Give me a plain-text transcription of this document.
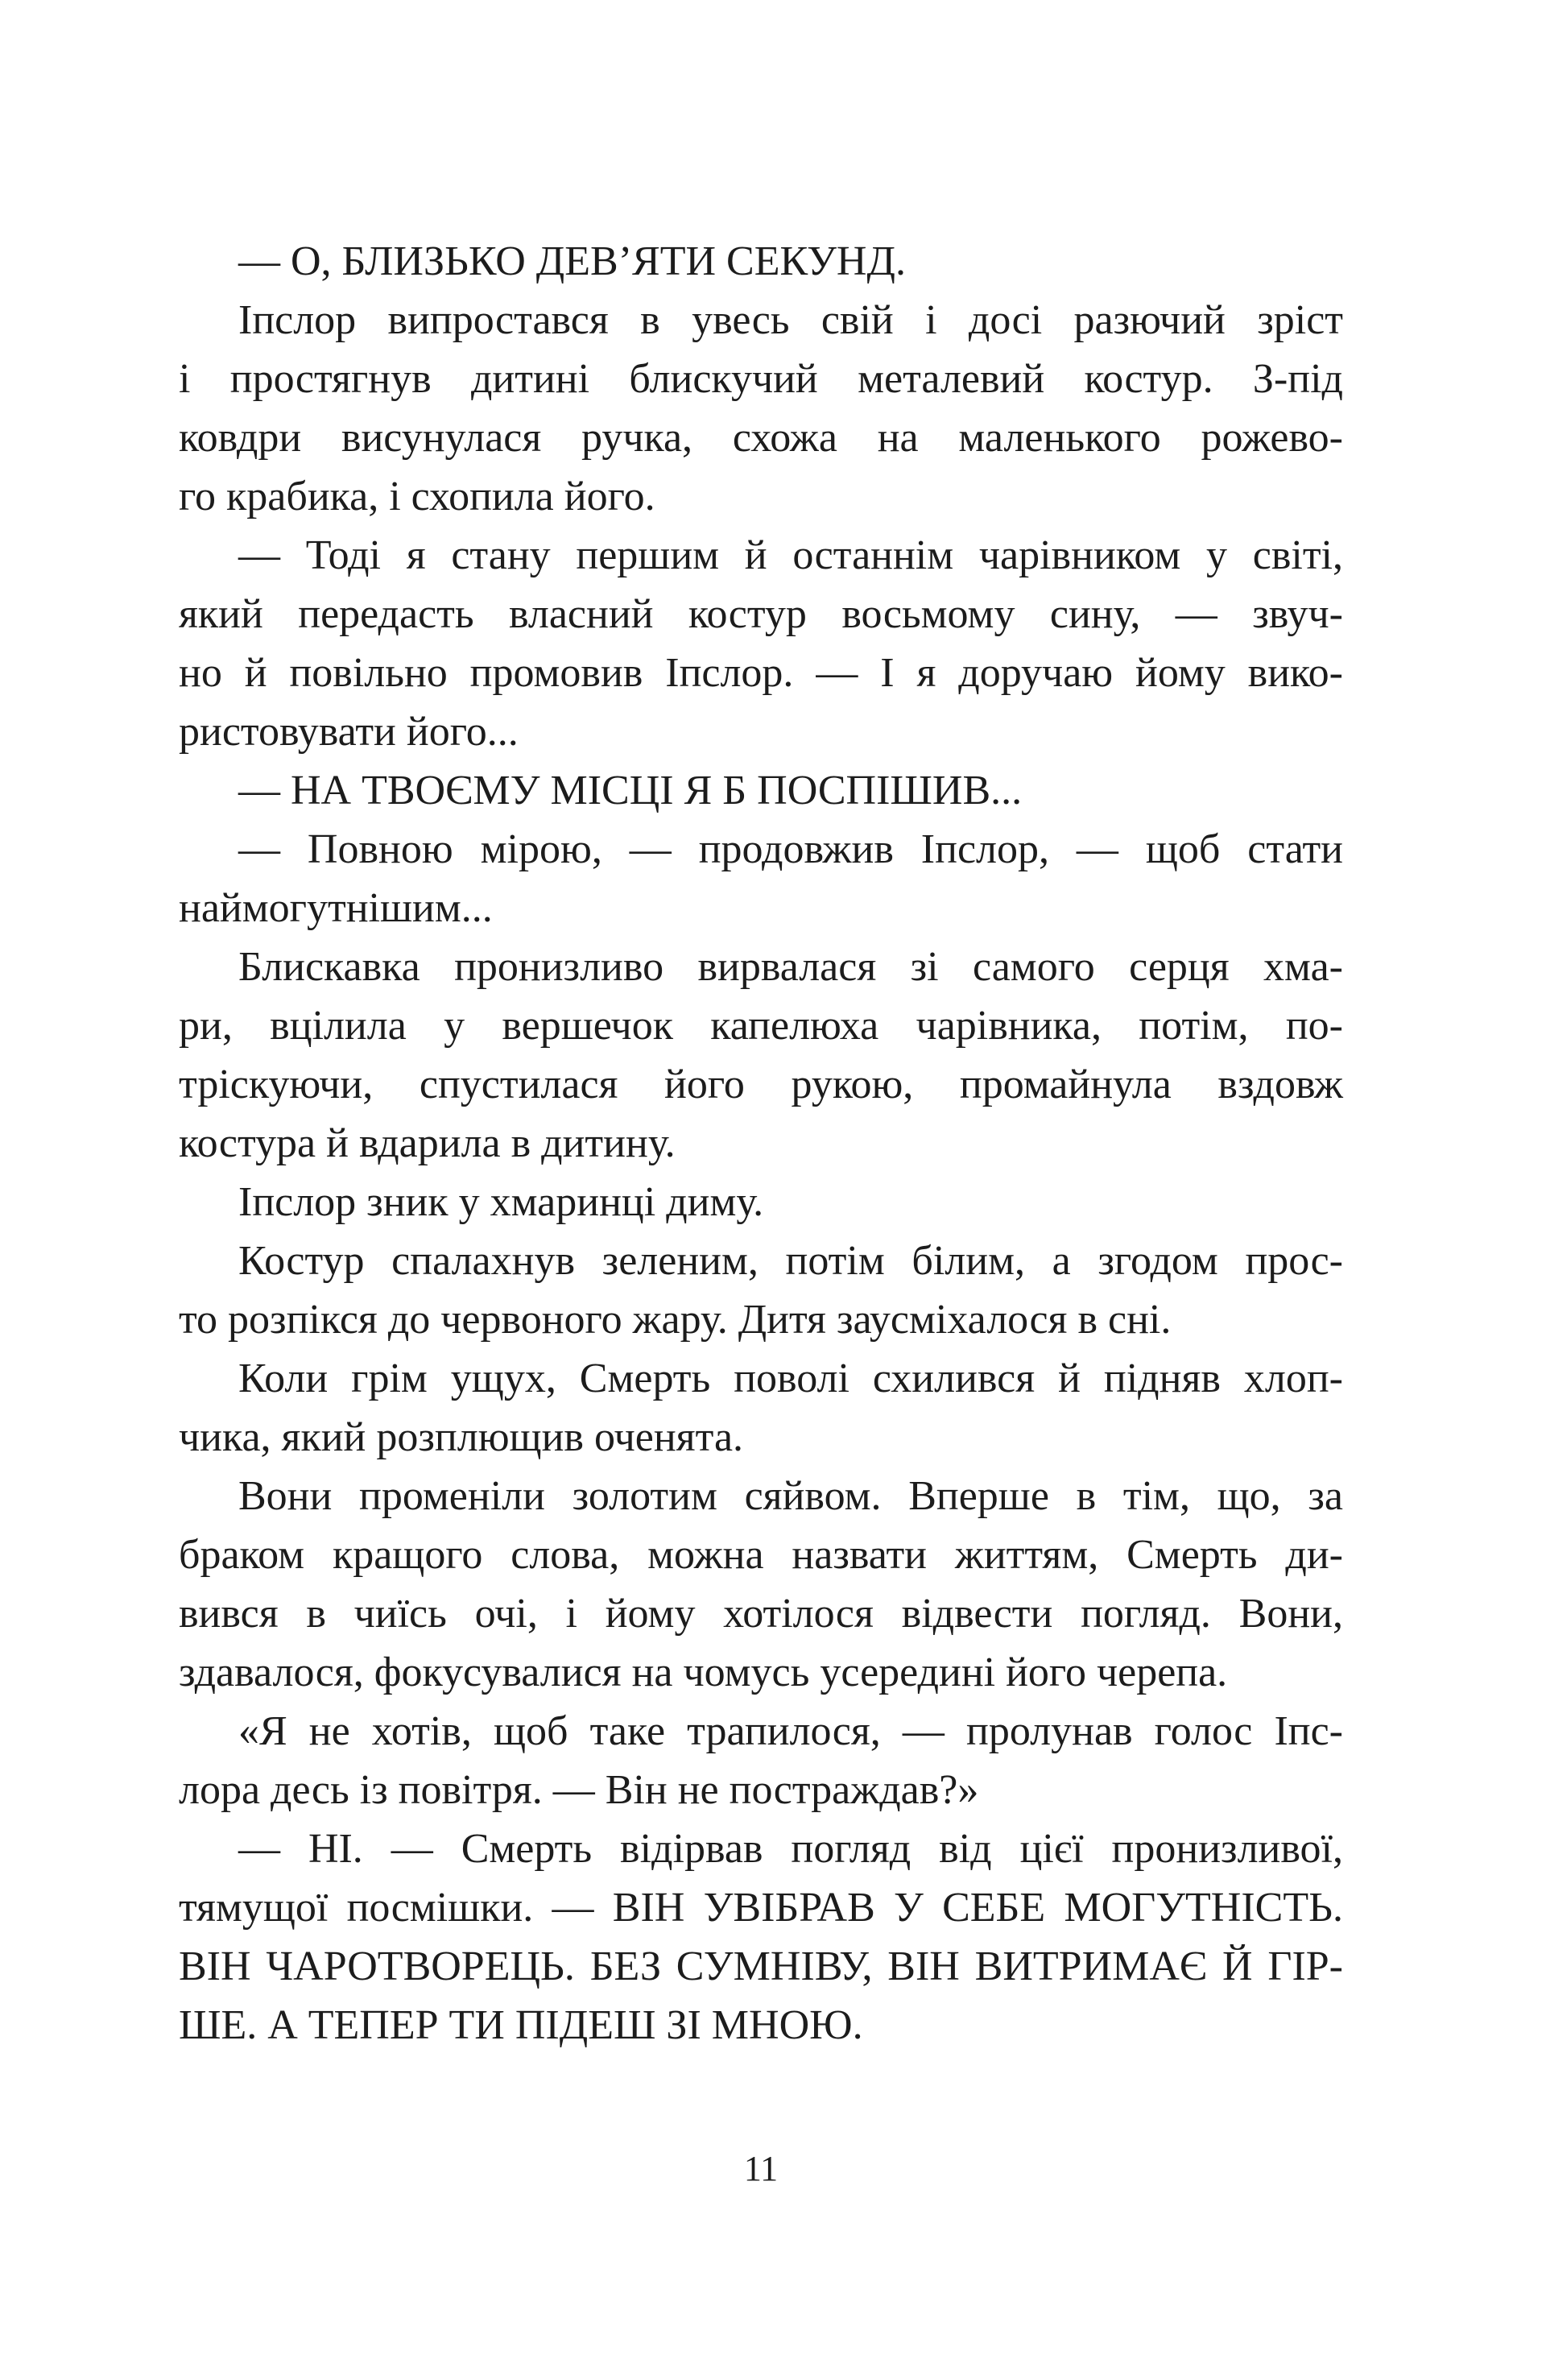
— О, БЛИЗЬКО ДЕВ’ЯТИ СЕКУНД.
Іпслор випростався в увесь свій і досі разючий зріст
і простягнув дитині блискучий металевий костур. З-під
ковдри висунулася ручка, схожа на маленького рожево-
го крабика, і схопила його.
— Тоді я стану першим й останнім чарівником у світі,
який передасть власний костур восьмому сину, — звуч-
но й повільно промовив Іпслор. — І я доручаю йому вико-
ристовувати його...
— НА ТВОЄМУ МІСЦІ Я Б ПОСПІШИВ...
— Повною мірою, — продовжив Іпслор, — щоб стати
наймогутнішим...
Блискавка пронизливо вирвалася зі самого серця хма-
ри, вцілила у вершечок капелюха чарівника, потім, по-
тріскуючи, спустилася його рукою, промайнула вздовж
костура й вдарила в дитину.
Іпслор зник у хмаринці диму.
Костур спалахнув зеленим, потім білим, а згодом прос-
то розпікся до червоного жару. Дитя заусміхалося в сні.
Коли грім ущух, Смерть поволі схилився й підняв хлоп-
чика, який розплющив оченята.
Вони променіли золотим сяйвом. Вперше в тім, що, за
браком кращого слова, можна назвати життям, Смерть ди-
вився в чиїсь очі, і йому хотілося відвести погляд. Вони,
здавалося, фокусувалися на чомусь усередині його черепа.
«Я не хотів, щоб таке трапилося, — пролунав голос Іпс-
лора десь із повітря. — Він не постраждав?»
— НІ. — Смерть відірвав погляд від цієї пронизливої,
тямущої посмішки. — ВІН УВІБРАВ У СЕБЕ МОГУТНІСТЬ.
ВІН ЧАРОТВОРЕЦЬ. БЕЗ СУМНІВУ, ВІН ВИТРИМАЄ Й ГІР-
ШЕ. А ТЕПЕР ТИ ПІДЕШ ЗІ МНОЮ.
11
